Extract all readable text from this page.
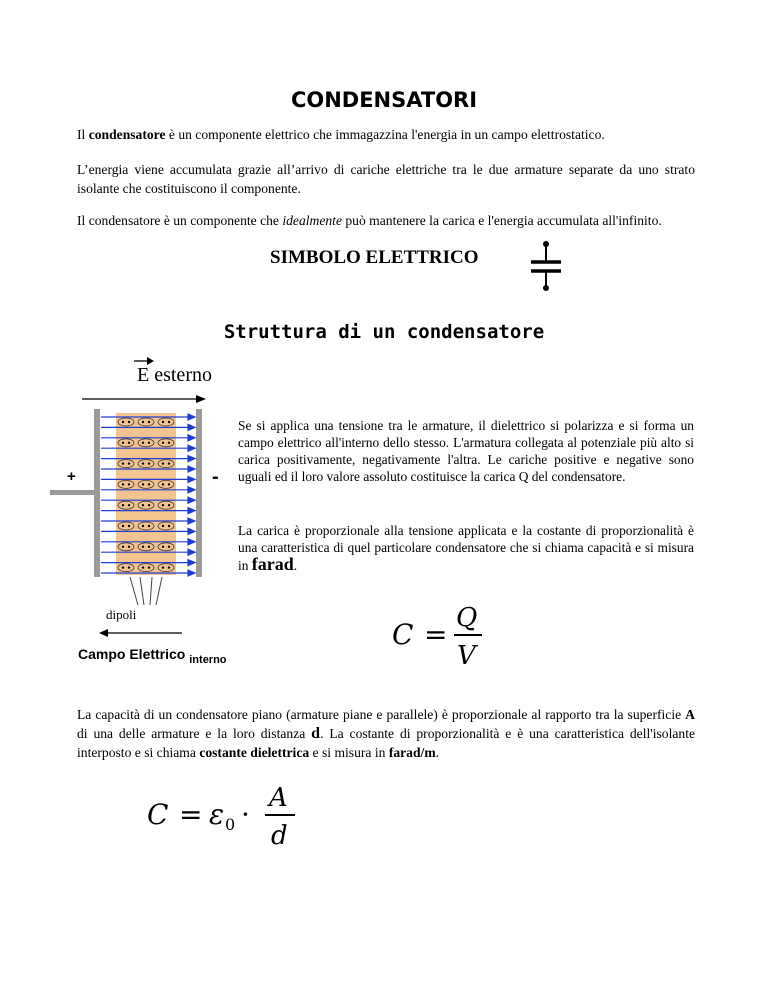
CONDENSATORI
Il condensatore è un componente elettrico che immagazzina l'energia in un campo elettrostatico.
L’energia viene accumulata grazie all’arrivo di cariche elettriche tra le due armature separate da uno strato isolante che costituiscono il componente.
Il condensatore è un componente che idealmente può mantenere la carica e l'energia accumulata all'infinito.
SIMBOLO ELETTRICO
Struttura di un condensatore
E esterno
+	-
Se si applica una tensione tra le armature, il dielettrico si polarizza e si forma un campo elettrico all'interno dello stesso. L'armatura collegata al potenziale più alto si carica positivamente, negativamente l'altra. Le cariche positive e negative sono uguali ed il loro valore assoluto costituisce la carica Q del condensatore.
La carica è proporzionale alla tensione applicata e la costante di proporzionalità è una caratteristica di quel particolare condensatore che si chiama capacità e si misura in farad.
dipoli
Campo Elettrico $_{interno}$
C = Q
V
La capacità di un condensatore piano (armature piane e parallele) è proporzionale al rapporto tra la superficie A di una delle armature e la loro distanza d. La costante di proporzionalità e è una caratteristica dell'isolante interposto e si chiama costante dielettrica e si misura in farad/m.
C = ε 0 · A
d
